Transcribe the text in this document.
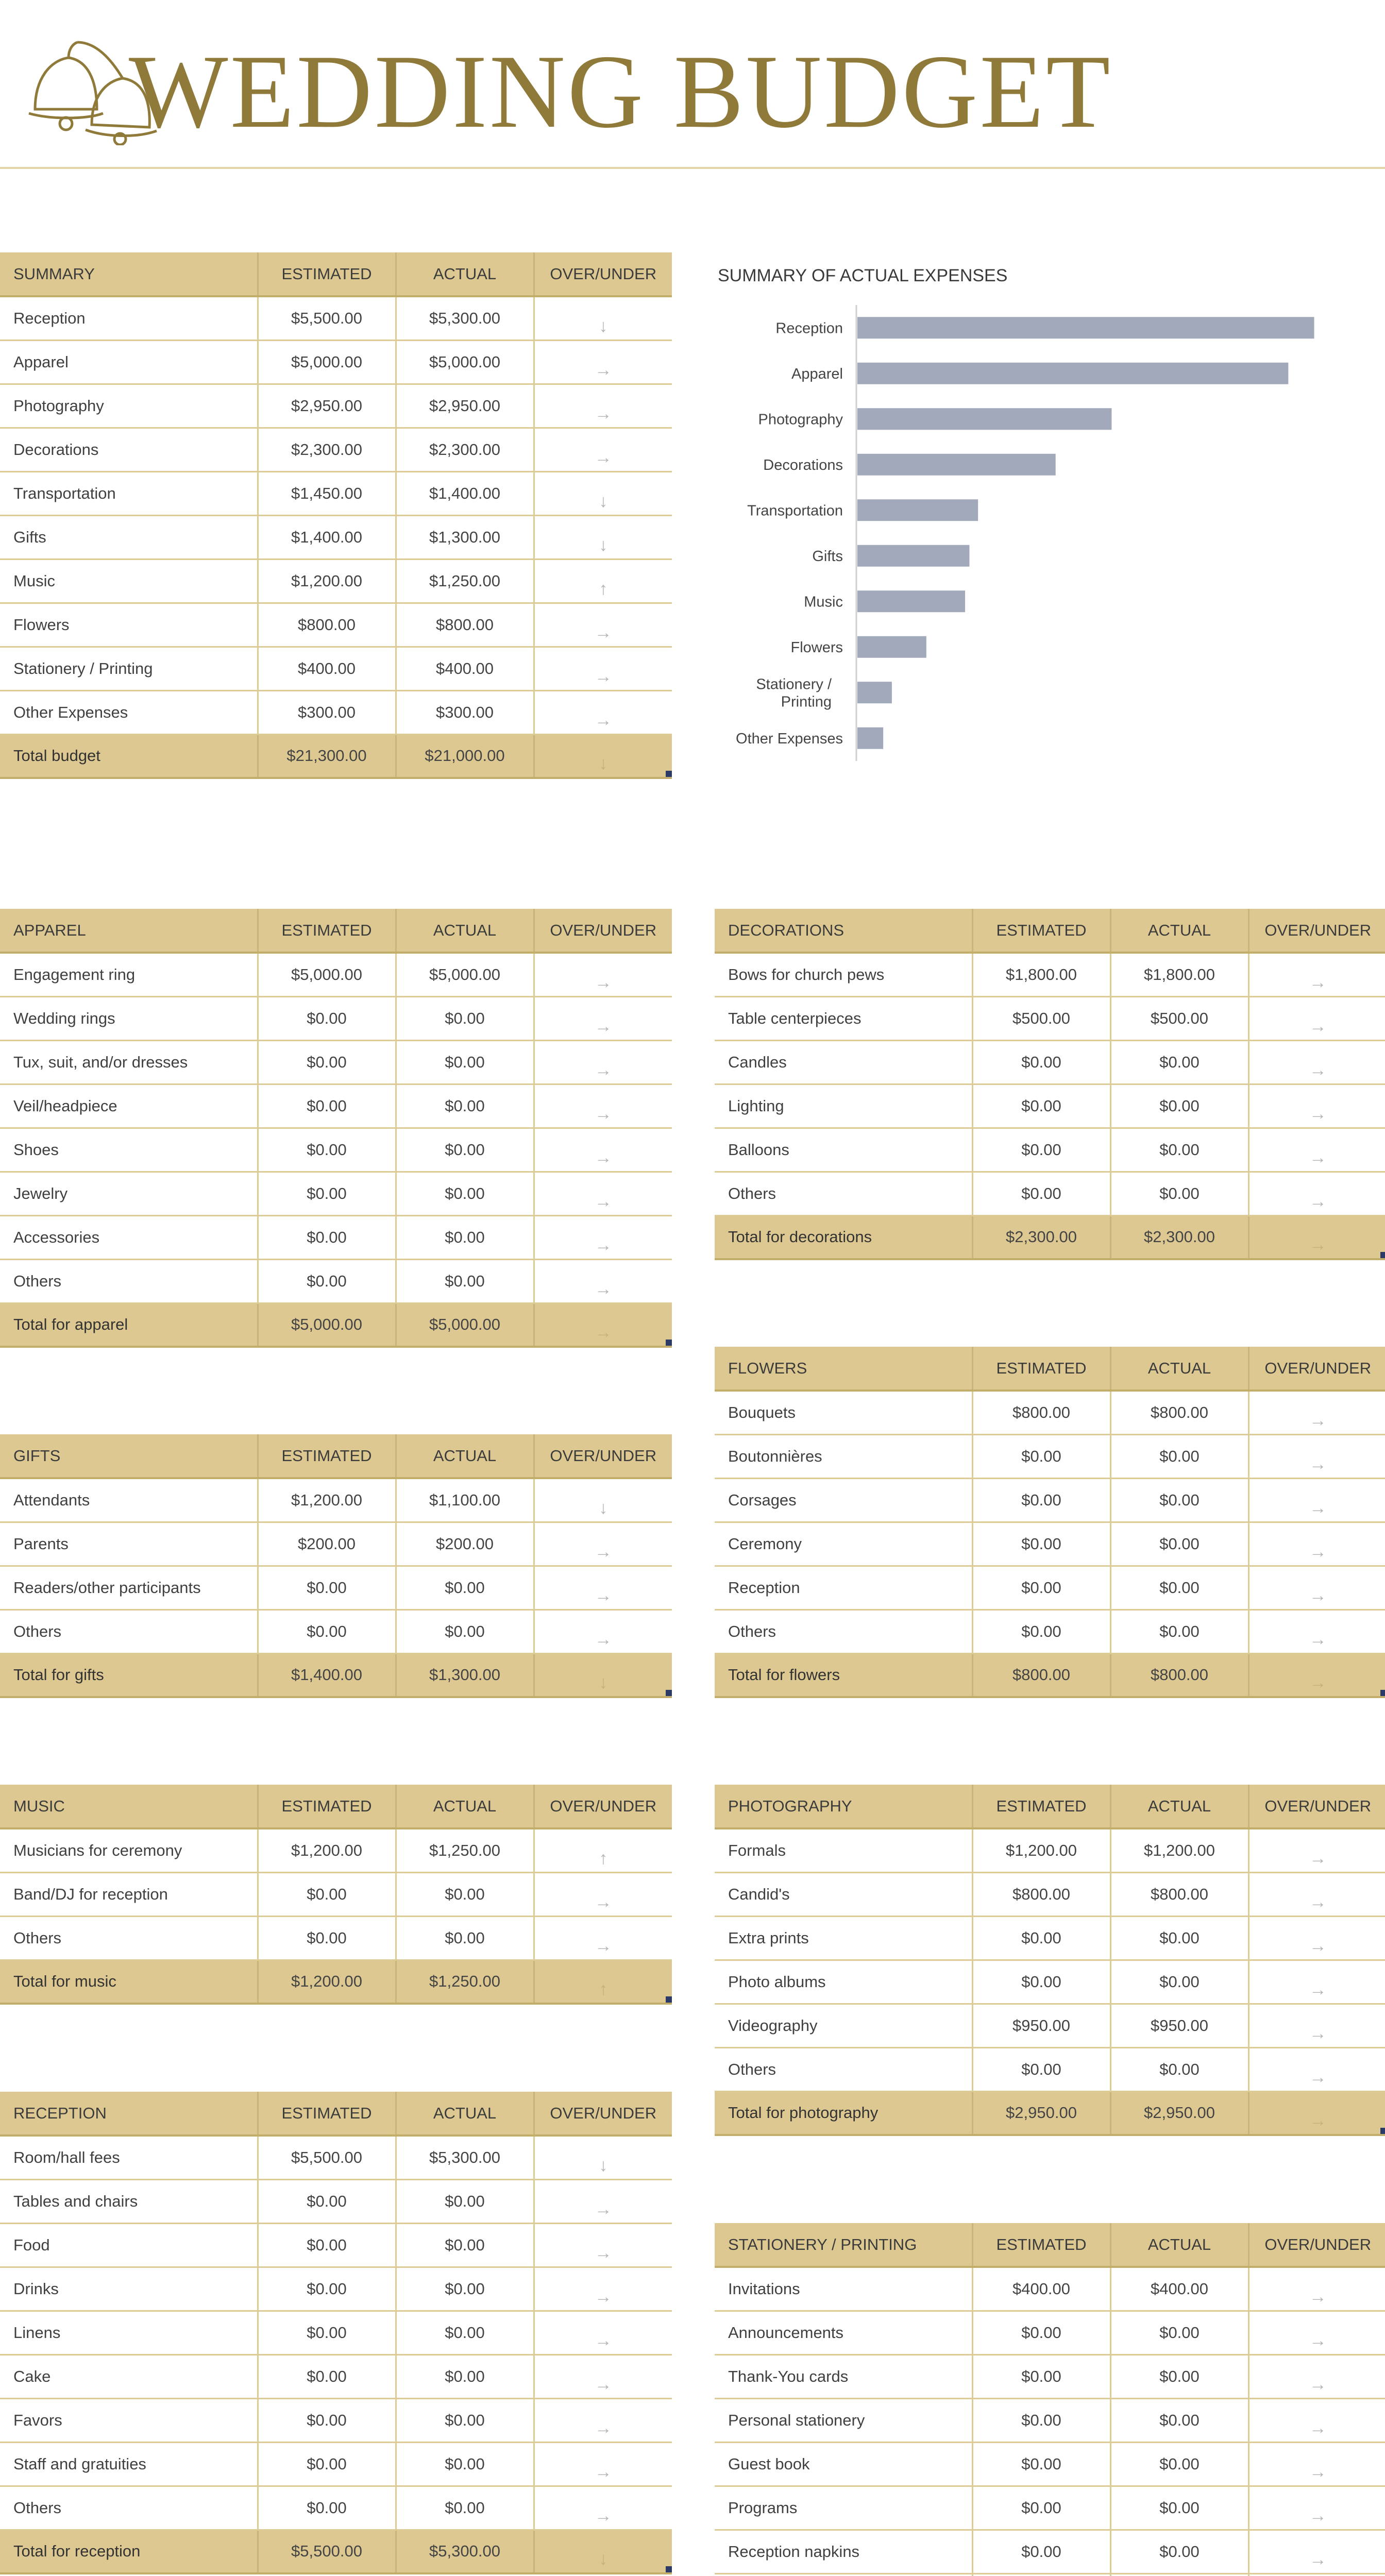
WEDDING BUDGET
SUMMARY	ESTIMATED	ACTUAL	OVER/UNDER
Reception	$5,500.00	$5,300.00	↓
Apparel	$5,000.00	$5,000.00	→
Photography	$2,950.00	$2,950.00	→
Decorations	$2,300.00	$2,300.00	→
Transportation	$1,450.00	$1,400.00	↓
Gifts	$1,400.00	$1,300.00	↓
Music	$1,200.00	$1,250.00	↑
Flowers	$800.00	$800.00	→
Stationery / Printing	$400.00	$400.00	→
Other Expenses	$300.00	$300.00	→
Total budget	$21,300.00	$21,000.00	↓
APPAREL	ESTIMATED	ACTUAL	OVER/UNDER
Engagement ring	$5,000.00	$5,000.00	→
Wedding rings	$0.00	$0.00	→
Tux, suit, and/or dresses	$0.00	$0.00	→
Veil/headpiece	$0.00	$0.00	→
Shoes	$0.00	$0.00	→
Jewelry	$0.00	$0.00	→
Accessories	$0.00	$0.00	→
Others	$0.00	$0.00	→
Total for apparel	$5,000.00	$5,000.00	→
DECORATIONS	ESTIMATED	ACTUAL	OVER/UNDER
Bows for church pews	$1,800.00	$1,800.00	→
Table centerpieces	$500.00	$500.00	→
Candles	$0.00	$0.00	→
Lighting	$0.00	$0.00	→
Balloons	$0.00	$0.00	→
Others	$0.00	$0.00	→
Total for decorations	$2,300.00	$2,300.00	→
FLOWERS	ESTIMATED	ACTUAL	OVER/UNDER
Bouquets	$800.00	$800.00	→
Boutonnières	$0.00	$0.00	→
Corsages	$0.00	$0.00	→
Ceremony	$0.00	$0.00	→
Reception	$0.00	$0.00	→
Others	$0.00	$0.00	→
Total for flowers	$800.00	$800.00	→
GIFTS	ESTIMATED	ACTUAL	OVER/UNDER
Attendants	$1,200.00	$1,100.00	↓
Parents	$200.00	$200.00	→
Readers/other participants	$0.00	$0.00	→
Others	$0.00	$0.00	→
Total for gifts	$1,400.00	$1,300.00	↓
MUSIC	ESTIMATED	ACTUAL	OVER/UNDER
Musicians for ceremony	$1,200.00	$1,250.00	↑
Band/DJ for reception	$0.00	$0.00	→
Others	$0.00	$0.00	→
Total for music	$1,200.00	$1,250.00	↑
PHOTOGRAPHY	ESTIMATED	ACTUAL	OVER/UNDER
Formals	$1,200.00	$1,200.00	→
Candid's	$800.00	$800.00	→
Extra prints	$0.00	$0.00	→
Photo albums	$0.00	$0.00	→
Videography	$950.00	$950.00	→
Others	$0.00	$0.00	→
Total for photography	$2,950.00	$2,950.00	→
RECEPTION	ESTIMATED	ACTUAL	OVER/UNDER
Room/hall fees	$5,500.00	$5,300.00	↓
Tables and chairs	$0.00	$0.00	→
Food	$0.00	$0.00	→
Drinks	$0.00	$0.00	→
Linens	$0.00	$0.00	→
Cake	$0.00	$0.00	→
Favors	$0.00	$0.00	→
Staff and gratuities	$0.00	$0.00	→
Others	$0.00	$0.00	→
Total for reception	$5,500.00	$5,300.00	↓
STATIONERY / PRINTING	ESTIMATED	ACTUAL	OVER/UNDER
Invitations	$400.00	$400.00	→
Announcements	$0.00	$0.00	→
Thank-You cards	$0.00	$0.00	→
Personal stationery	$0.00	$0.00	→
Guest book	$0.00	$0.00	→
Programs	$0.00	$0.00	→
Reception napkins	$0.00	$0.00	→

SUMMARY OF ACTUAL EXPENSES
Reception
Apparel
Photography
Decorations
Transportation
Gifts
Music
Flowers
Stationery / Printing
Other Expenses
